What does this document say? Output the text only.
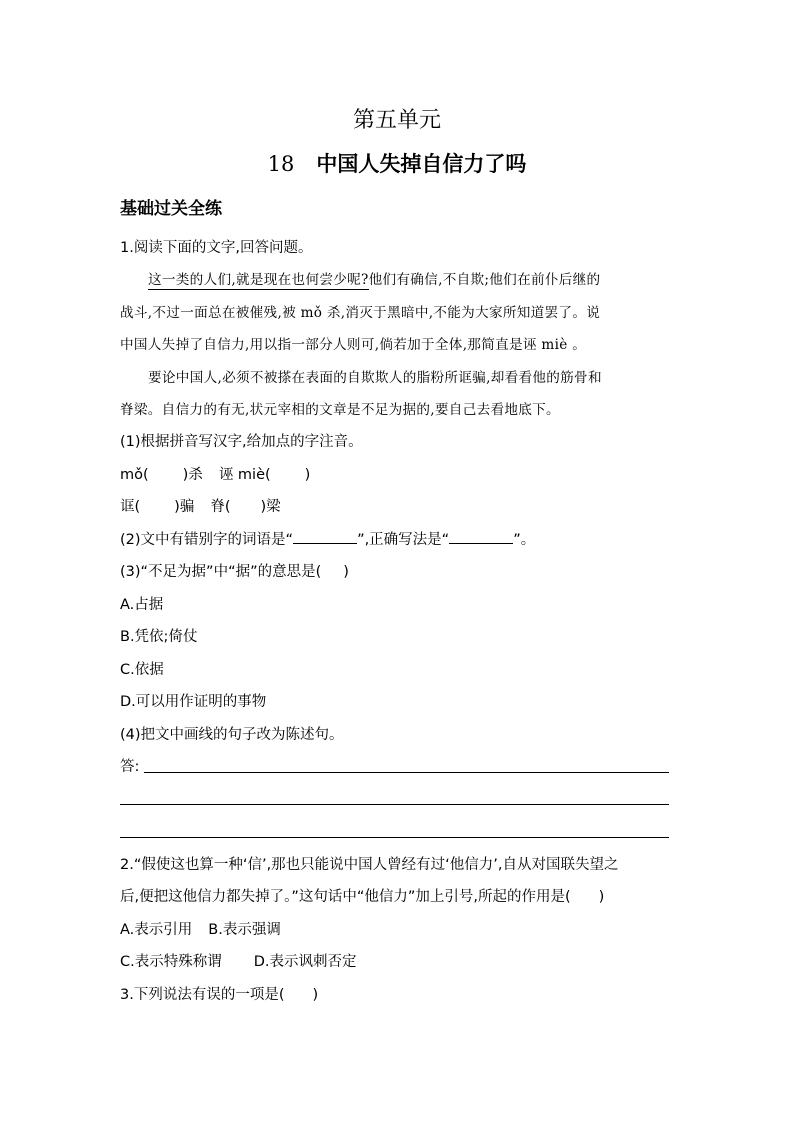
第五单元
18 中国人失掉自信力了吗
基础过关全练
1.阅读下面的文字,回答问题。
这一类的人们,就是现在也何尝少呢?他们有确信,不自欺;他们在前仆后继的
战斗,不过一面总在被催残,被 mǒ 杀,消灭于黑暗中,不能为大家所知道罢了。说
中国人失掉了自信力,用以指一部分人则可,倘若加于全体,那简直是诬 miè 。
要论中国人,必须不被搽在表面的自欺欺人的脂粉所诓骗,却看看他的筋骨和
脊梁。自信力的有无,状元宰相的文章是不足为据的,要自己去看地底下。
(1)根据拼音写汉字,给加点的字注音。
mǒ( )杀 诬 miè( )
诓( )骗 脊( )梁
(2)文中有错别字的词语是“	”,正确写法是“	”。
(3)“不足为据”中“据”的意思是( )
A.占据
B.凭依;倚仗
C.依据
D.可以用作证明的事物
(4)把文中画线的句子改为陈述句。
答:
2.“假使这也算一种‘信’,那也只能说中国人曾经有过‘他信力’,自从对国联失望之
后,便把这他信力都失掉了。”这句话中“他信力”加上引号,所起的作用是( )
A.表示引用 B.表示强调
C.表示特殊称谓 D.表示讽刺否定
3.下列说法有误的一项是( )
